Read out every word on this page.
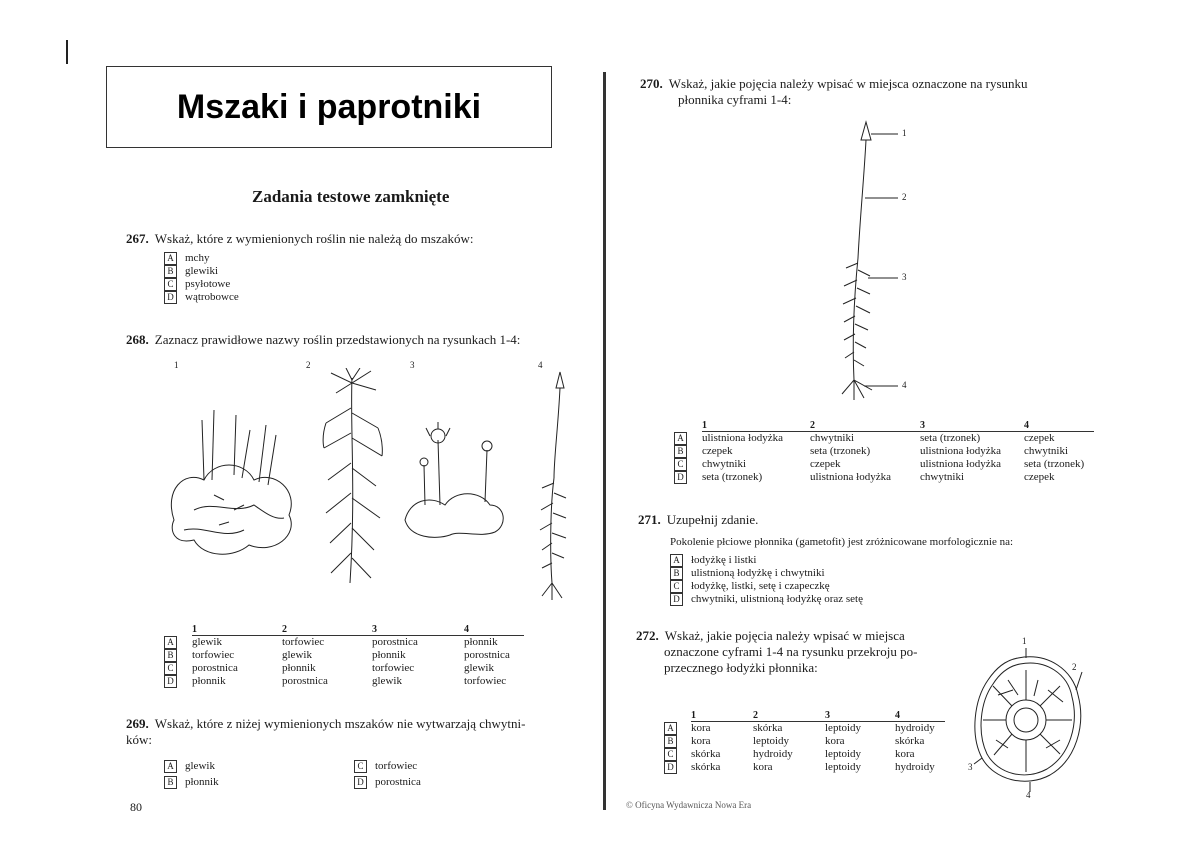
Mszaki i paprotniki
Zadania testowe zamknięte
267. Wskaż, które z wymienionych roślin nie należą do mszaków:
A mchy
B	glewiki
C	psyłotowe
D wątrobowce
268. Zaznacz prawidłowe nazwy roślin przedstawionych na rysunkach 1-4:
1	2	3	4
	1	2	3	4
A	glewik	torfowiec	porostnica	płonnik
B	torfowiec	glewik	płonnik	porostnica
C	porostnica	płonnik	torfowiec	glewik
D	płonnik	porostnica	glewik	torfowiec
269. Wskaż, które z niżej wymienionych mszaków nie wytwarzają chwytni-
ków:
A glewik
B	płonnik
C	torfowiec
D porostnica
80
270. Wskaż, jakie pojęcia należy wpisać w miejsca oznaczone na rysunku
płonnika cyframi 1-4:
1
2
3
4
	1	2	3	4
A	ulistniona łodyżka	chwytniki	seta (trzonek)	czepek
B	czepek	seta (trzonek)	ulistniona łodyżka	chwytniki
C	chwytniki	czepek	ulistniona łodyżka	seta (trzonek)
D	seta (trzonek)	ulistniona łodyżka	chwytniki	czepek
271. Uzupełnij zdanie.
Pokolenie płciowe płonnika (gametofit) jest zróżnicowane morfologicznie na:
A łodyżkę i listki
B	ulistnioną łodyżkę i chwytniki
C	łodyżkę, listki, setę i czapeczkę
D chwytniki, ulistnioną łodyżkę oraz setę
272. Wskaż, jakie pojęcia należy wpisać w miejsca
oznaczone cyframi 1-4 na rysunku przekroju po-
przecznego łodyżki płonnika:
	1	2	3	4
A	kora	skórka	leptoidy	hydroidy
B	kora	leptoidy	kora	skórka
C	skórka	hydroidy	leptoidy	kora
D	skórka	kora	leptoidy	hydroidy
1
2
3
4
© Oficyna Wydawnicza Nowa Era
